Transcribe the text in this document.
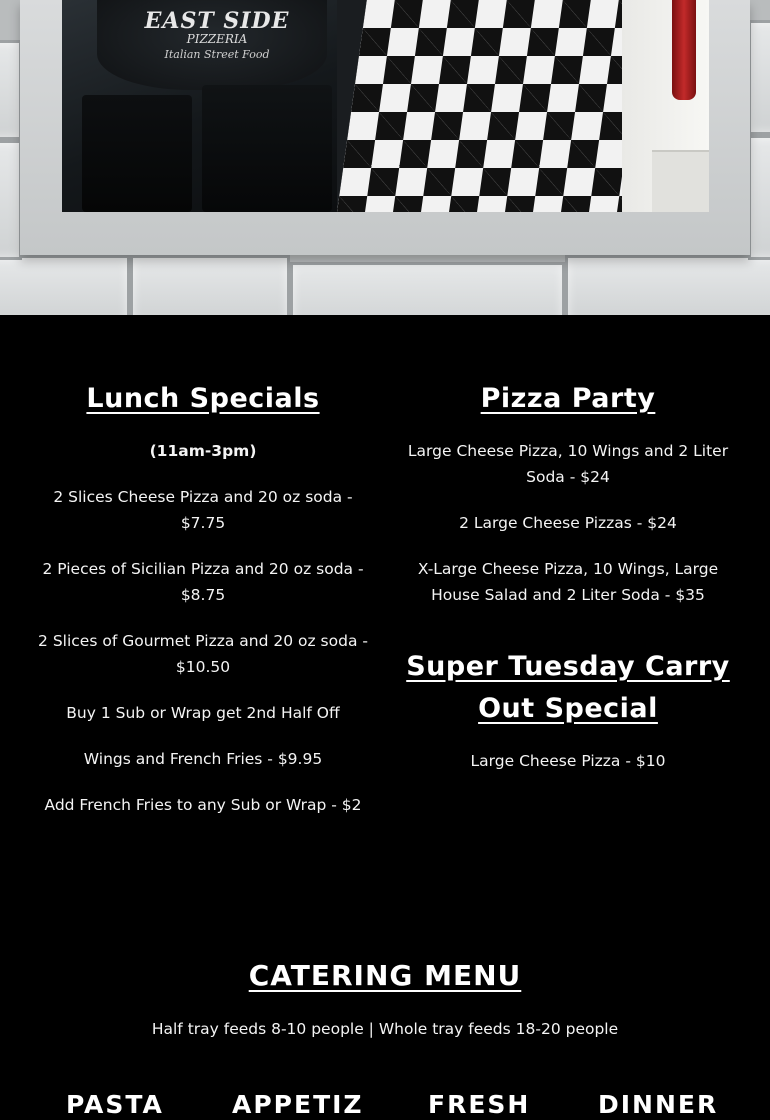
EAST SIDE
PIZZERIA
Italian Street Food
Lunch Specials

(11am-3pm)

2 Slices Cheese Pizza and 20 oz soda - $7.75

2 Pieces of Sicilian Pizza and 20 oz soda - $8.75

2 Slices of Gourmet Pizza and 20 oz soda - $10.50

Buy 1 Sub or Wrap get 2nd Half Off

Wings and French Fries - $9.95

Add French Fries to any Sub or Wrap - $2

Pizza Party

Large Cheese Pizza, 10 Wings and 2 Liter Soda - $24

2 Large Cheese Pizzas - $24

X-Large Cheese Pizza, 10 Wings, Large House Salad and 2 Liter Soda - $35

Super Tuesday Carry Out Special

Large Cheese Pizza - $10

CATERING MENU
Half tray feeds 8-10 people | Whole tray feeds 18-20 people
PASTA	APPETIZ	FRESH	DINNER
